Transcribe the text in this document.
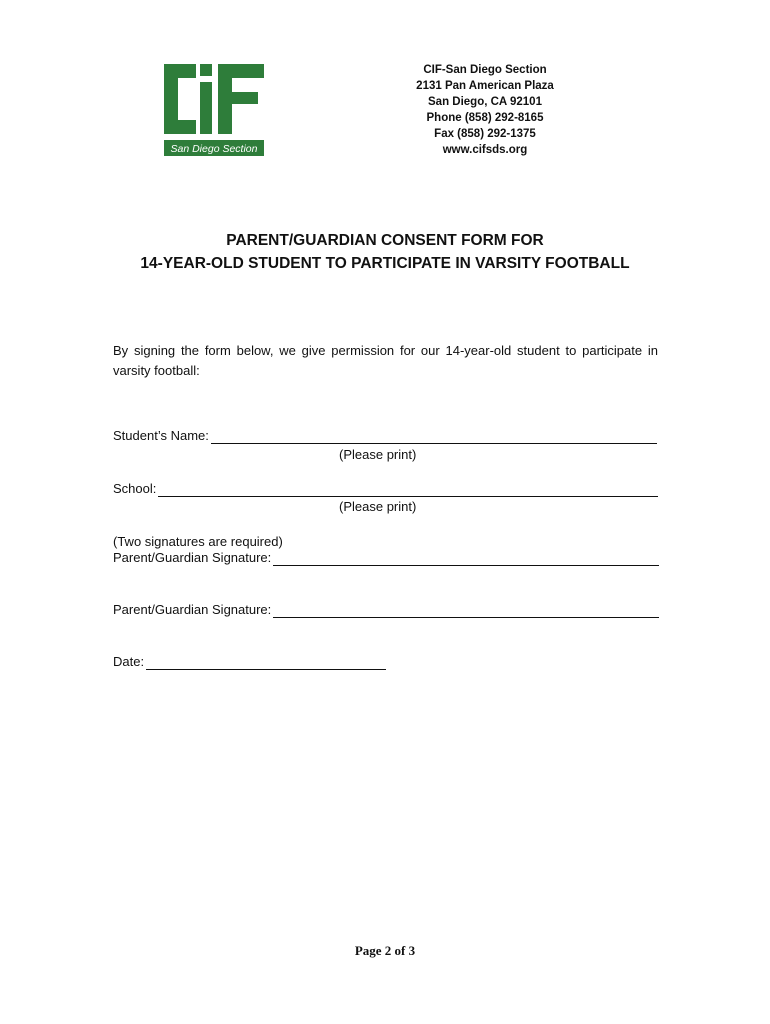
San Diego Section
CIF-San Diego Section
2131 Pan American Plaza
San Diego, CA 92101
Phone (858) 292-8165
Fax (858) 292-1375
www.cifsds.org
PARENT/GUARDIAN CONSENT FORM FOR
14-YEAR-OLD STUDENT TO PARTICIPATE IN VARSITY FOOTBALL
By signing the form below, we give permission for our 14-year-old student to participate in varsity football:
Student’s Name:
(Please print)
School:
(Please print)
(Two signatures are required)
Parent/Guardian Signature:
Parent/Guardian Signature:
Date:
Page 2 of 3
